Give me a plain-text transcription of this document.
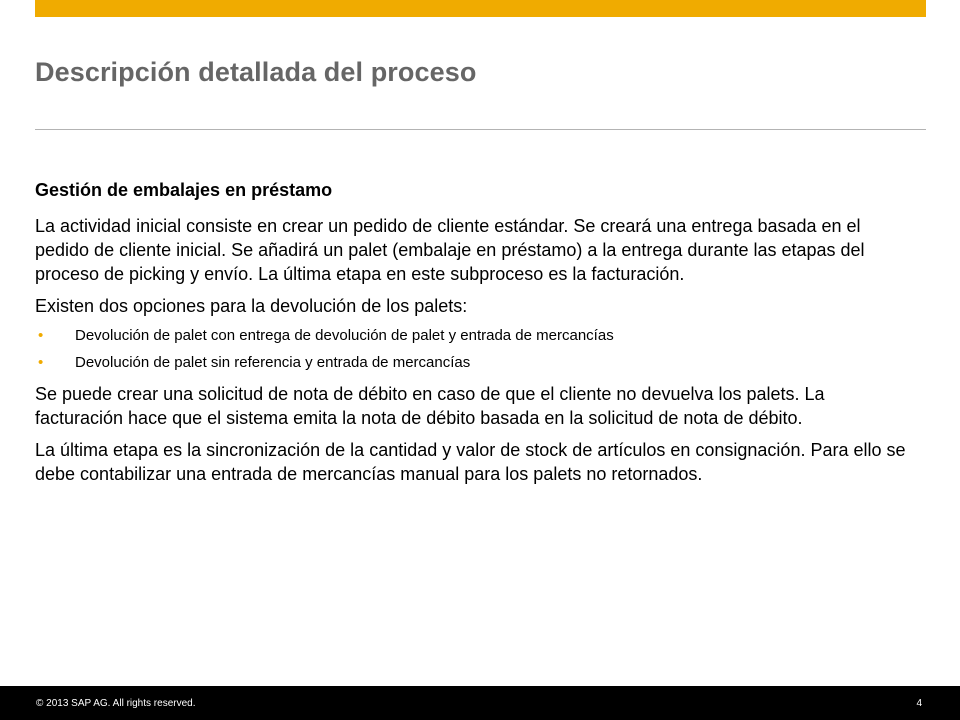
Descripción detallada del proceso

Gestión de embalajes en préstamo

La actividad inicial consiste en crear un pedido de cliente estándar. Se creará una entrega basada en el pedido de cliente inicial. Se añadirá un palet (embalaje en préstamo) a la entrega durante las etapas del proceso de picking y envío. La última etapa en este subproceso es la facturación.

Existen dos opciones para la devolución de los palets:

• Devolución de palet con entrega de devolución de palet y entrada de mercancías
• Devolución de palet sin referencia y entrada de mercancías

Se puede crear una solicitud de nota de débito en caso de que el cliente no devuelva los palets. La facturación hace que el sistema emita la nota de débito basada en la solicitud de nota de débito.

La última etapa es la sincronización de la cantidad y valor de stock de artículos en consignación. Para ello se debe contabilizar una entrada de mercancías manual para los palets no retornados.

© 2013 SAP AG. All rights reserved.	4
